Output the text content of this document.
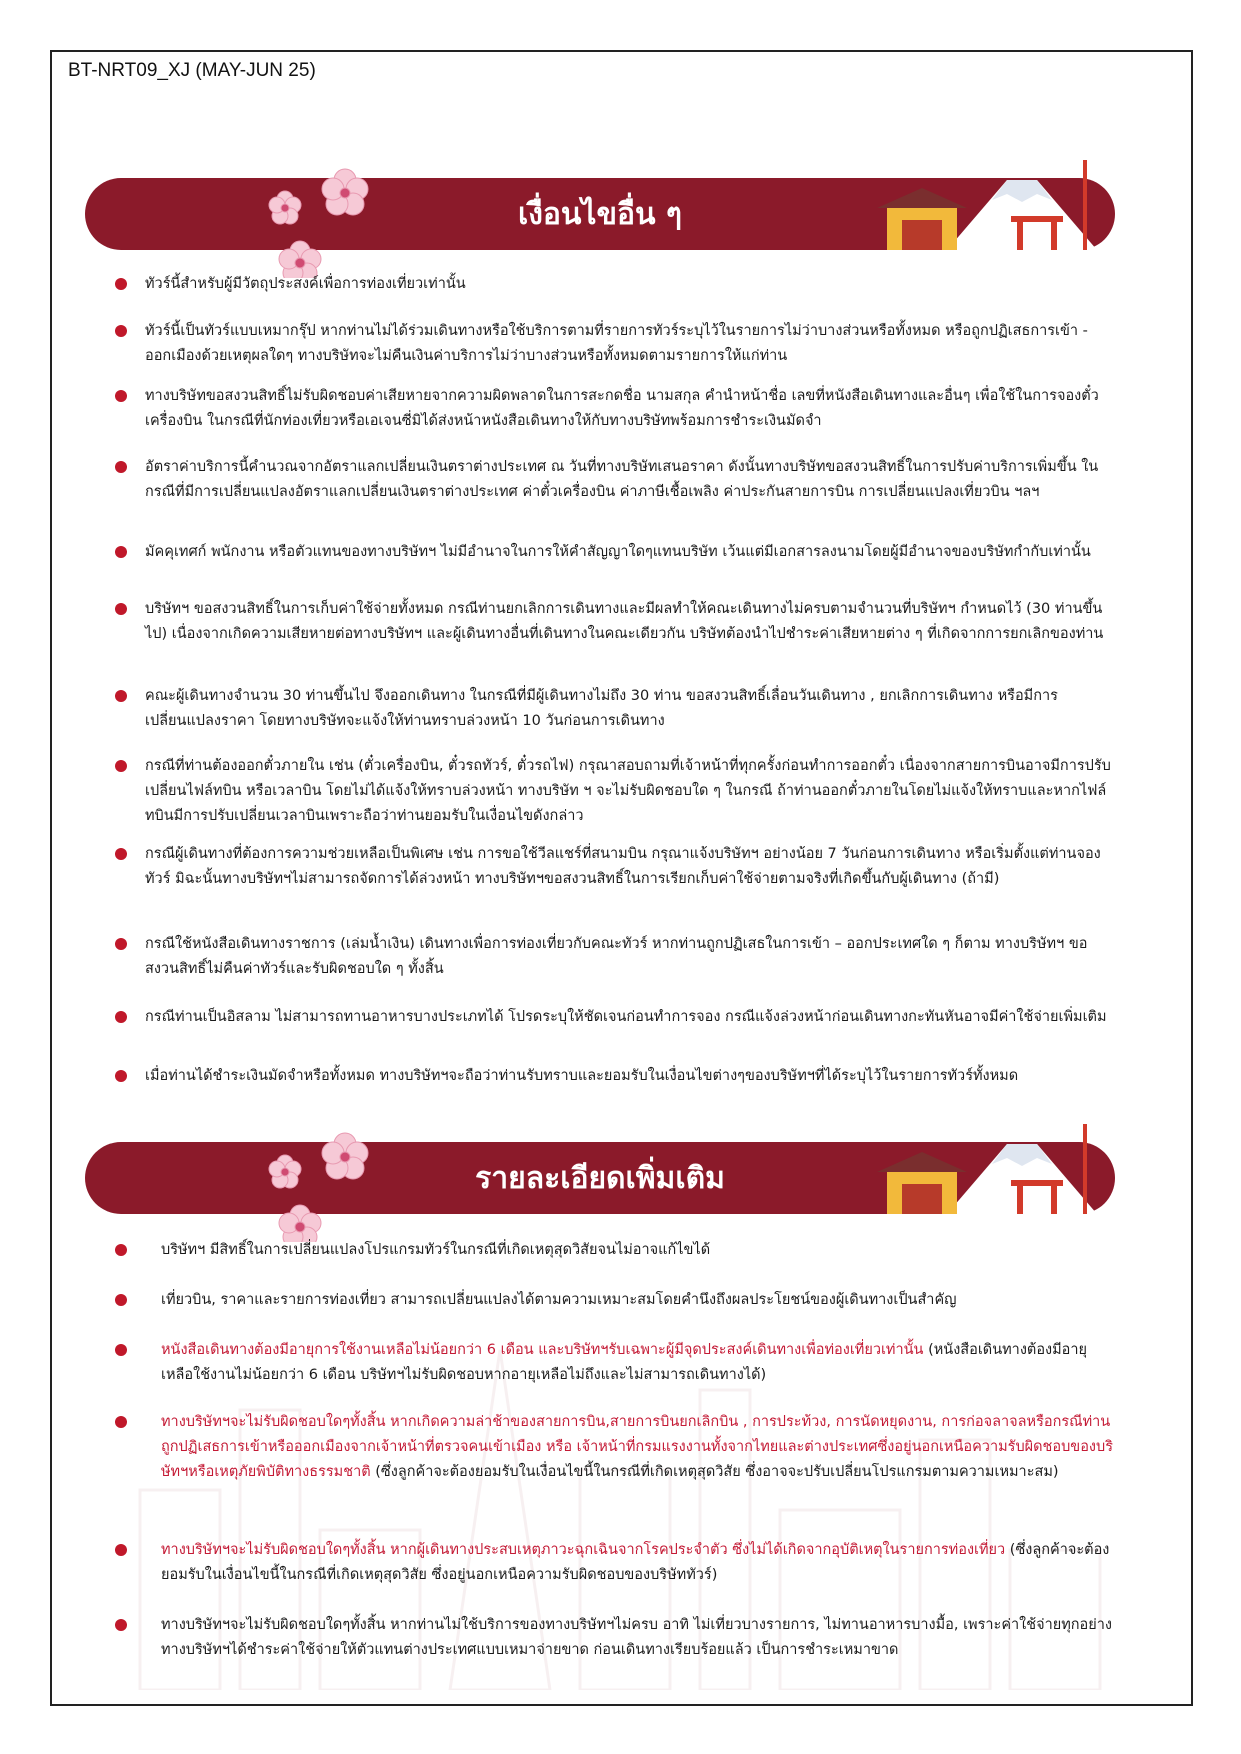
BT-NRT09_XJ (MAY-JUN 25)
เงื่อนไขอื่น ๆ
ทัวร์นี้สำหรับผู้มีวัตถุประสงค์เพื่อการท่องเที่ยวเท่านั้น
ทัวร์นี้เป็นทัวร์แบบเหมากรุ๊ป หากท่านไม่ได้ร่วมเดินทางหรือใช้บริการตามที่รายการทัวร์ระบุไว้ในรายการไม่ว่าบางส่วนหรือทั้งหมด หรือถูกปฏิเสธการเข้า - ออกเมืองด้วยเหตุผลใดๆ ทางบริษัทจะไม่คืนเงินค่าบริการไม่ว่าบางส่วนหรือทั้งหมดตามรายการให้แก่ท่าน
ทางบริษัทขอสงวนสิทธิ์ไม่รับผิดชอบค่าเสียหายจากความผิดพลาดในการสะกดชื่อ นามสกุล คำนำหน้าชื่อ เลขที่หนังสือเดินทางและอื่นๆ เพื่อใช้ในการจองตั๋วเครื่องบิน ในกรณีที่นักท่องเที่ยวหรือเอเจนซี่มิได้ส่งหน้าหนังสือเดินทางให้กับทางบริษัทพร้อมการชำระเงินมัดจำ
อัตราค่าบริการนี้คำนวณจากอัตราแลกเปลี่ยนเงินตราต่างประเทศ ณ วันที่ทางบริษัทเสนอราคา ดังนั้นทางบริษัทขอสงวนสิทธิ์ในการปรับค่าบริการเพิ่มขึ้น ในกรณีที่มีการเปลี่ยนแปลงอัตราแลกเปลี่ยนเงินตราต่างประเทศ ค่าตั๋วเครื่องบิน ค่าภาษีเชื้อเพลิง ค่าประกันสายการบิน การเปลี่ยนแปลงเที่ยวบิน ฯลฯ
มัคคุเทศก์ พนักงาน หรือตัวแทนของทางบริษัทฯ ไม่มีอำนาจในการให้คำสัญญาใดๆแทนบริษัท เว้นแต่มีเอกสารลงนามโดยผู้มีอำนาจของบริษัทกำกับเท่านั้น
บริษัทฯ ขอสงวนสิทธิ์ในการเก็บค่าใช้จ่ายทั้งหมด กรณีท่านยกเลิกการเดินทางและมีผลทำให้คณะเดินทางไม่ครบตามจำนวนที่บริษัทฯ กำหนดไว้ (30 ท่านขึ้นไป) เนื่องจากเกิดความเสียหายต่อทางบริษัทฯ และผู้เดินทางอื่นที่เดินทางในคณะเดียวกัน บริษัทต้องนำไปชำระค่าเสียหายต่าง ๆ ที่เกิดจากการยกเลิกของท่าน
คณะผู้เดินทางจำนวน 30 ท่านขึ้นไป จึงออกเดินทาง ในกรณีที่มีผู้เดินทางไม่ถึง 30 ท่าน ขอสงวนสิทธิ์เลื่อนวันเดินทาง , ยกเลิกการเดินทาง หรือมีการเปลี่ยนแปลงราคา โดยทางบริษัทจะแจ้งให้ท่านทราบล่วงหน้า 10 วันก่อนการเดินทาง
กรณีที่ท่านต้องออกตั๋วภายใน เช่น (ตั๋วเครื่องบิน, ตั๋วรถทัวร์, ตั๋วรถไฟ) กรุณาสอบถามที่เจ้าหน้าที่ทุกครั้งก่อนทำการออกตั๋ว เนื่องจากสายการบินอาจมีการปรับเปลี่ยนไฟล์ทบิน หรือเวลาบิน โดยไม่ได้แจ้งให้ทราบล่วงหน้า ทางบริษัท ฯ จะไม่รับผิดชอบใด ๆ ในกรณี ถ้าท่านออกตั๋วภายในโดยไม่แจ้งให้ทราบและหากไฟล์ทบินมีการปรับเปลี่ยนเวลาบินเพราะถือว่าท่านยอมรับในเงื่อนไขดังกล่าว
กรณีผู้เดินทางที่ต้องการความช่วยเหลือเป็นพิเศษ เช่น การขอใช้วีลแชร์ที่สนามบิน กรุณาแจ้งบริษัทฯ อย่างน้อย 7 วันก่อนการเดินทาง หรือเริ่มตั้งแต่ท่านจองทัวร์ มิฉะนั้นทางบริษัทฯไม่สามารถจัดการได้ล่วงหน้า ทางบริษัทฯขอสงวนสิทธิ์ในการเรียกเก็บค่าใช้จ่ายตามจริงที่เกิดขึ้นกับผู้เดินทาง (ถ้ามี)
กรณีใช้หนังสือเดินทางราชการ (เล่มน้ำเงิน) เดินทางเพื่อการท่องเที่ยวกับคณะทัวร์ หากท่านถูกปฏิเสธในการเข้า – ออกประเทศใด ๆ ก็ตาม ทางบริษัทฯ ขอสงวนสิทธิ์ไม่คืนค่าทัวร์และรับผิดชอบใด ๆ ทั้งสิ้น
กรณีท่านเป็นอิสลาม ไม่สามารถทานอาหารบางประเภทได้ โปรดระบุให้ชัดเจนก่อนทำการจอง กรณีแจ้งล่วงหน้าก่อนเดินทางกะทันหันอาจมีค่าใช้จ่ายเพิ่มเติม
เมื่อท่านได้ชำระเงินมัดจำหรือทั้งหมด ทางบริษัทฯจะถือว่าท่านรับทราบและยอมรับในเงื่อนไขต่างๆของบริษัทฯที่ได้ระบุไว้ในรายการทัวร์ทั้งหมด
รายละเอียดเพิ่มเติม
บริษัทฯ มีสิทธิ์ในการเปลี่ยนแปลงโปรแกรมทัวร์ในกรณีที่เกิดเหตุสุดวิสัยจนไม่อาจแก้ไขได้
เที่ยวบิน, ราคาและรายการท่องเที่ยว สามารถเปลี่ยนแปลงได้ตามความเหมาะสมโดยคำนึงถึงผลประโยชน์ของผู้เดินทางเป็นสำคัญ
หนังสือเดินทางต้องมีอายุการใช้งานเหลือไม่น้อยกว่า 6 เดือน และบริษัทฯรับเฉพาะผู้มีจุดประสงค์เดินทางเพื่อท่องเที่ยวเท่านั้น (หนังสือเดินทางต้องมีอายุเหลือใช้งานไม่น้อยกว่า 6 เดือน บริษัทฯไม่รับผิดชอบหากอายุเหลือไม่ถึงและไม่สามารถเดินทางได้)
ทางบริษัทฯจะไม่รับผิดชอบใดๆทั้งสิ้น หากเกิดความล่าช้าของสายการบิน,สายการบินยกเลิกบิน , การประท้วง, การนัดหยุดงาน, การก่อจลาจลหรือกรณีท่านถูกปฏิเสธการเข้าหรือออกเมืองจากเจ้าหน้าที่ตรวจคนเข้าเมือง หรือ เจ้าหน้าที่กรมแรงงานทั้งจากไทยและต่างประเทศซึ่งอยู่นอกเหนือความรับผิดชอบของบริษัทฯหรือเหตุภัยพิบัติทางธรรมชาติ (ซึ่งลูกค้าจะต้องยอมรับในเงื่อนไขนี้ในกรณีที่เกิดเหตุสุดวิสัย ซึ่งอาจจะปรับเปลี่ยนโปรแกรมตามความเหมาะสม)
ทางบริษัทฯจะไม่รับผิดชอบใดๆทั้งสิ้น หากผู้เดินทางประสบเหตุภาวะฉุกเฉินจากโรคประจำตัว ซึ่งไม่ได้เกิดจากอุบัติเหตุในรายการท่องเที่ยว (ซึ่งลูกค้าจะต้องยอมรับในเงื่อนไขนี้ในกรณีที่เกิดเหตุสุดวิสัย ซึ่งอยู่นอกเหนือความรับผิดชอบของบริษัททัวร์)
ทางบริษัทฯจะไม่รับผิดชอบใดๆทั้งสิ้น หากท่านไม่ใช้บริการของทางบริษัทฯไม่ครบ อาทิ ไม่เที่ยวบางรายการ, ไม่ทานอาหารบางมื้อ, เพราะค่าใช้จ่ายทุกอย่างทางบริษัทฯได้ชำระค่าใช้จ่ายให้ตัวแทนต่างประเทศแบบเหมาจ่ายขาด ก่อนเดินทางเรียบร้อยแล้ว เป็นการชำระเหมาขาด
